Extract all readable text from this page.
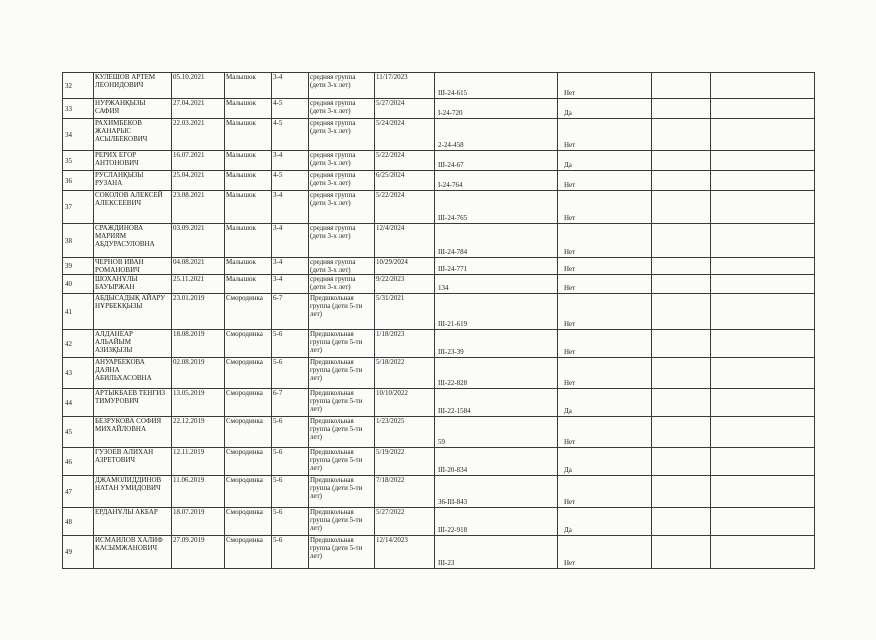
32	КУЛЕШОВ АРТЕМ ЛЕОНИДОВИЧ	05.10.2021	Малышок	3-4	средняя группа (дети 3-х лет)	11/17/2023	III-24-615	Нет		
33	НУРЖАНҚЫЗЫ САФИЯ	27.04.2021	Малышок	4-5	средняя группа (дети 3-х лет)	5/27/2024	I-24-720	Да		
34	РАХИМБЕКОВ ЖАНАРЫС АСЫЛБЕКОВИЧ	22.03.2021	Малышок	4-5	средняя группа (дети 3-х лет)	5/24/2024	2-24-458	Нет		
35	РЕРИХ ЕГОР АНТОНОВИЧ	16.07.2021	Малышок	3-4	средняя группа (дети 3-х лет)	5/22/2024	III-24-67	Да		
36	РУСЛАНҚЫЗЫ РУЗАНА	25.04.2021	Малышок	4-5	средняя группа (дети 3-х лет)	6/25/2024	I-24-764	Нет		
37	СОКОЛОВ АЛЕКСЕЙ АЛЕКСЕЕВИЧ	23.08.2021	Малышок	3-4	средняя группа (дети 3-х лет)	5/22/2024	III-24-765	Нет		
38	СРАЖДИНОВА МАРИЯМ АБДУРАСУЛОВНА	03.09.2021	Малышок	3-4	средняя группа (дети 3-х лет)	12/4/2024	III-24-784	Нет		
39	ЧЕРНОВ ИВАН РОМАНОВИЧ	04.08.2021	Малышок	3-4	средняя группа (дети 3-х лет)	10/29/2024	III-24-771	Нет		
40	ШОХАНҰЛЫ БАУЫРЖАН	25.11.2021	Малышок	3-4	средняя группа (дети 3-х лет)	9/22/2023	134	Нет		
41	АБДЫСАДЫҚ АЙАРУ НҰРБЕКҚЫЗЫ	23.01.2019	Смородинка	6-7	Предшкольная группа (дети 5-ти лет)	5/31/2021	III-21-619	Нет		
42	АЛДАНЕАР АЛЬАЙЫМ АЗИЗҚЫЗЫ	18.08.2019	Смородинка	5-6	Предшкольная группа (дети 5-ти лет)	1/18/2023	III-23-39	Нет		
43	АНУАРБЕКОВА ДАЯНА АБИЛЬХАСОВНА	02.08.2019	Смородинка	5-6	Предшкольная группа (дети 5-ти лет)	5/18/2022	III-22-828	Нет		
44	АРТЫКБАЕВ ТЕНГИЗ ТИМУРОВИЧ	13.05.2019	Смородинка	6-7	Предшкольная группа (дети 5-ти лет)	10/10/2022	III-22-1584	Да		
45	БЕЗРУКОВА СОФИЯ МИХАЙЛОВНА	22.12.2019	Смородинка	5-6	Предшкольная группа (дети 5-ти лет)	1/23/2025	59	Нет		
46	ГУЗОЕВ АЛИХАН АЗРЕТОВИЧ	12.11.2019	Смородинка	5-6	Предшкольная группа (дети 5-ти лет)	5/19/2022	III-20-834	Да		
47	ДЖАМОЛИДДИНОВ НАТАН УМИДОВИЧ	11.06.2019	Смородинка	5-6	Предшкольная группа (дети 5-ти лет)	7/18/2022	36-III-843	Нет		
48	ЕРДАНҰЛЫ АКБАР	18.07.2019	Смородинка	5-6	Предшкольная группа (дети 5-ти лет)	5/27/2022	III-22-918	Да		
49	ИСМАИЛОВ ХАЛИФ КАСЫМЖАНОВИЧ	27.09.2019	Смородинка	5-6	Предшкольная группа (дети 5-ти лет)	12/14/2023	III-23	Нет		
